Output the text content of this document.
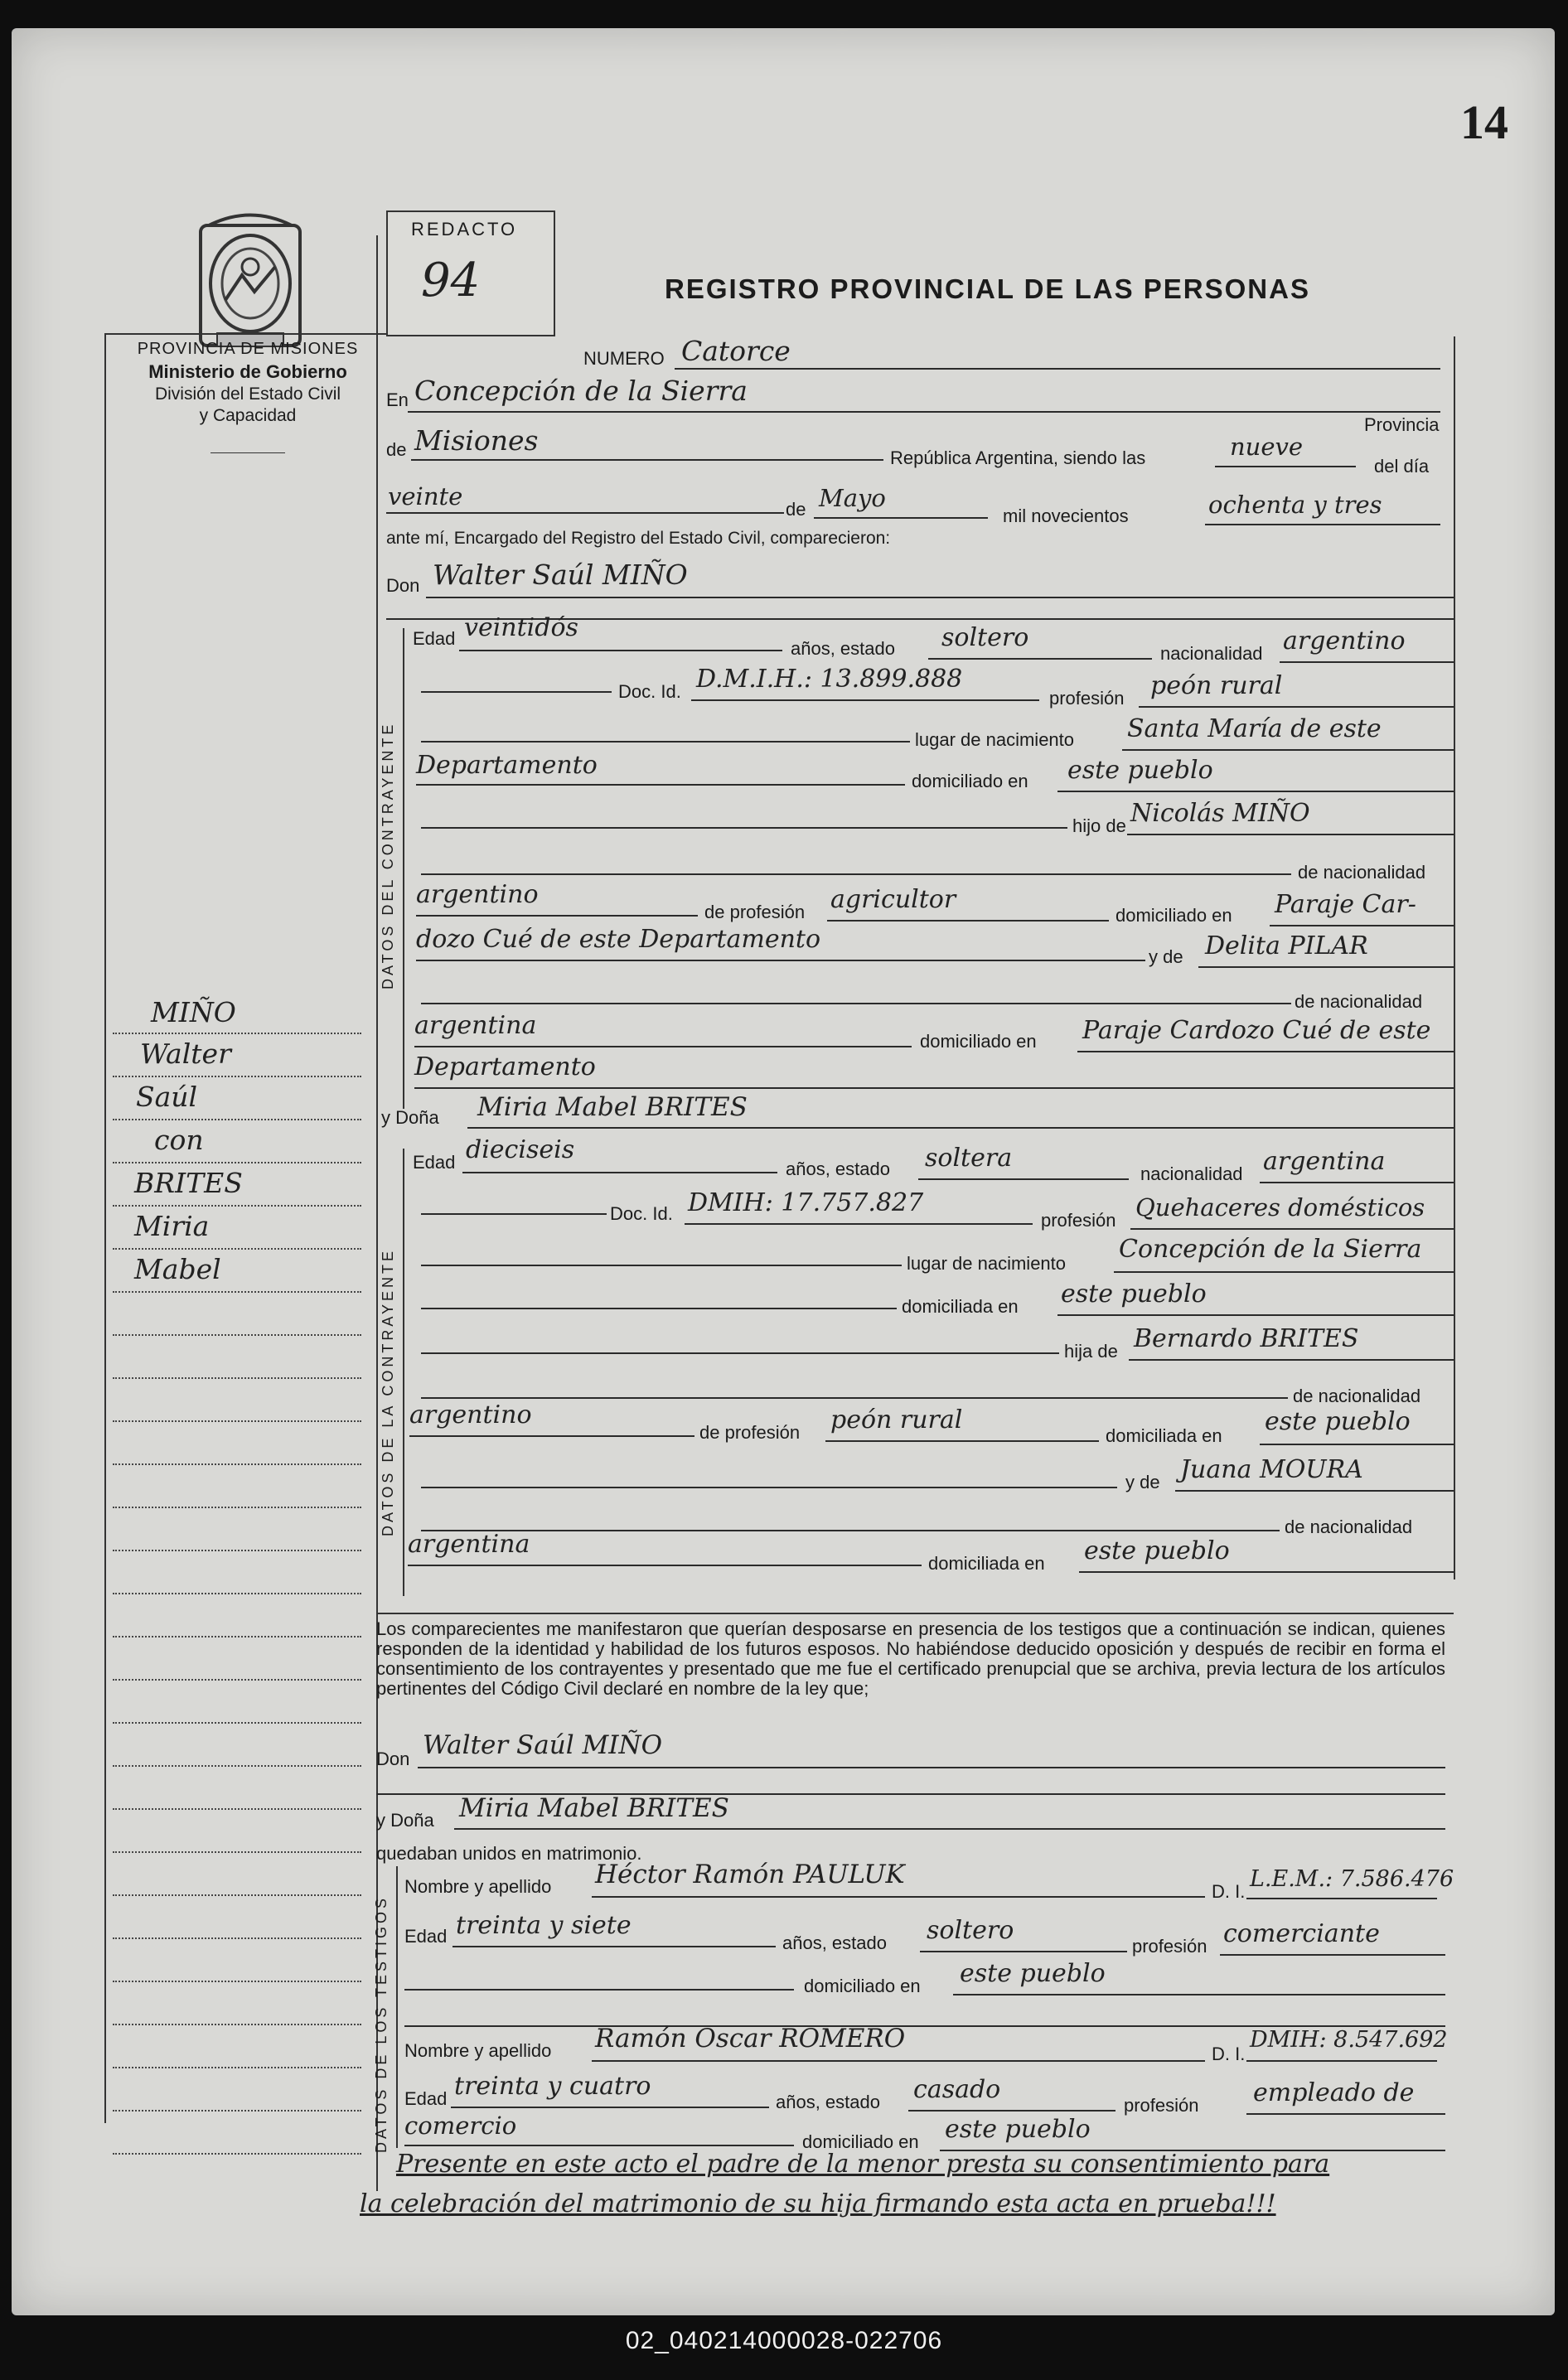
14
PROVINCIA DE MISIONES
Ministerio de Gobierno
División del Estado Civil
y Capacidad
MIÑO
Walter
Saúl
con
BRITES
Miria
Mabel
REDACTO
94	REGISTRO PROVINCIAL DE LAS PERSONAS
NUMERO Catorce
En Concepción de la Sierra
Provincia
de Misiones
República Argentina, siendo las	nueve
del día
veinte	de Mayo
mil novecientos	ochenta y tres
ante mí, Encargado del Registro del Estado Civil, comparecieron:
Don Walter Saúl MIÑO
DATOS DEL CONTRAYENTE
Edad veintidós
años, estado soltero
nacionalidad argentino
Doc. Id. D.M.I.H.: 13.899.888
profesión peón rural
lugar de nacimiento Santa María de este
Departamento
domiciliado en este pueblo
hijo de Nicolás MIÑO
de nacionalidad
argentino
de profesión agricultor
domiciliado en Paraje Car-
dozo Cué de este Departamento
y de Delita PILAR
de nacionalidad
argentina
domiciliado en Paraje Cardozo Cué de este
Departamento
y Doña Miria Mabel BRITES
DATOS DE LA CONTRAYENTE
Edad dieciseis
años, estado soltera
nacionalidad argentina
Doc. Id. DMIH: 17.757.827
profesión Quehaceres domésticos
lugar de nacimiento Concepción de la Sierra
domiciliada en este pueblo
hija de Bernardo BRITES
de nacionalidad
argentino
de profesión peón rural
domiciliada en este pueblo
y de Juana MOURA
de nacionalidad
argentina
domiciliada en este pueblo
Los comparecientes me manifestaron que querían desposarse en presencia de los testigos que a continuación se indican, quienes responden de la identidad y habilidad de los futuros esposos. No habiéndose deducido oposición y después de recibir en forma el consentimiento de los contrayentes y presentado que me fue el certificado prenupcial que se archiva, previa lectura de los artículos pertinentes del Código Civil declaré en nombre de la ley que;
Don Walter Saúl MIÑO
y Doña Miria Mabel BRITES
quedaban unidos en matrimonio.
DATOS DE LOS TESTIGOS
Nombre y apellido Héctor Ramón PAULUK
D. I. L.E.M.: 7.586.476
Edad treinta y siete
años, estado soltero
profesión comerciante
domiciliado en este pueblo
Nombre y apellido Ramón Oscar ROMERO
D. I.
DMIH: 8.547.692
Edad treinta y cuatro
años, estado casado
profesión empleado de
comercio
domiciliado en este pueblo
Presente en este acto el padre de la menor presta su consentimiento para
la celebración del matrimonio de su hija firmando esta acta en prueba!!!
02_040214000028-022706
